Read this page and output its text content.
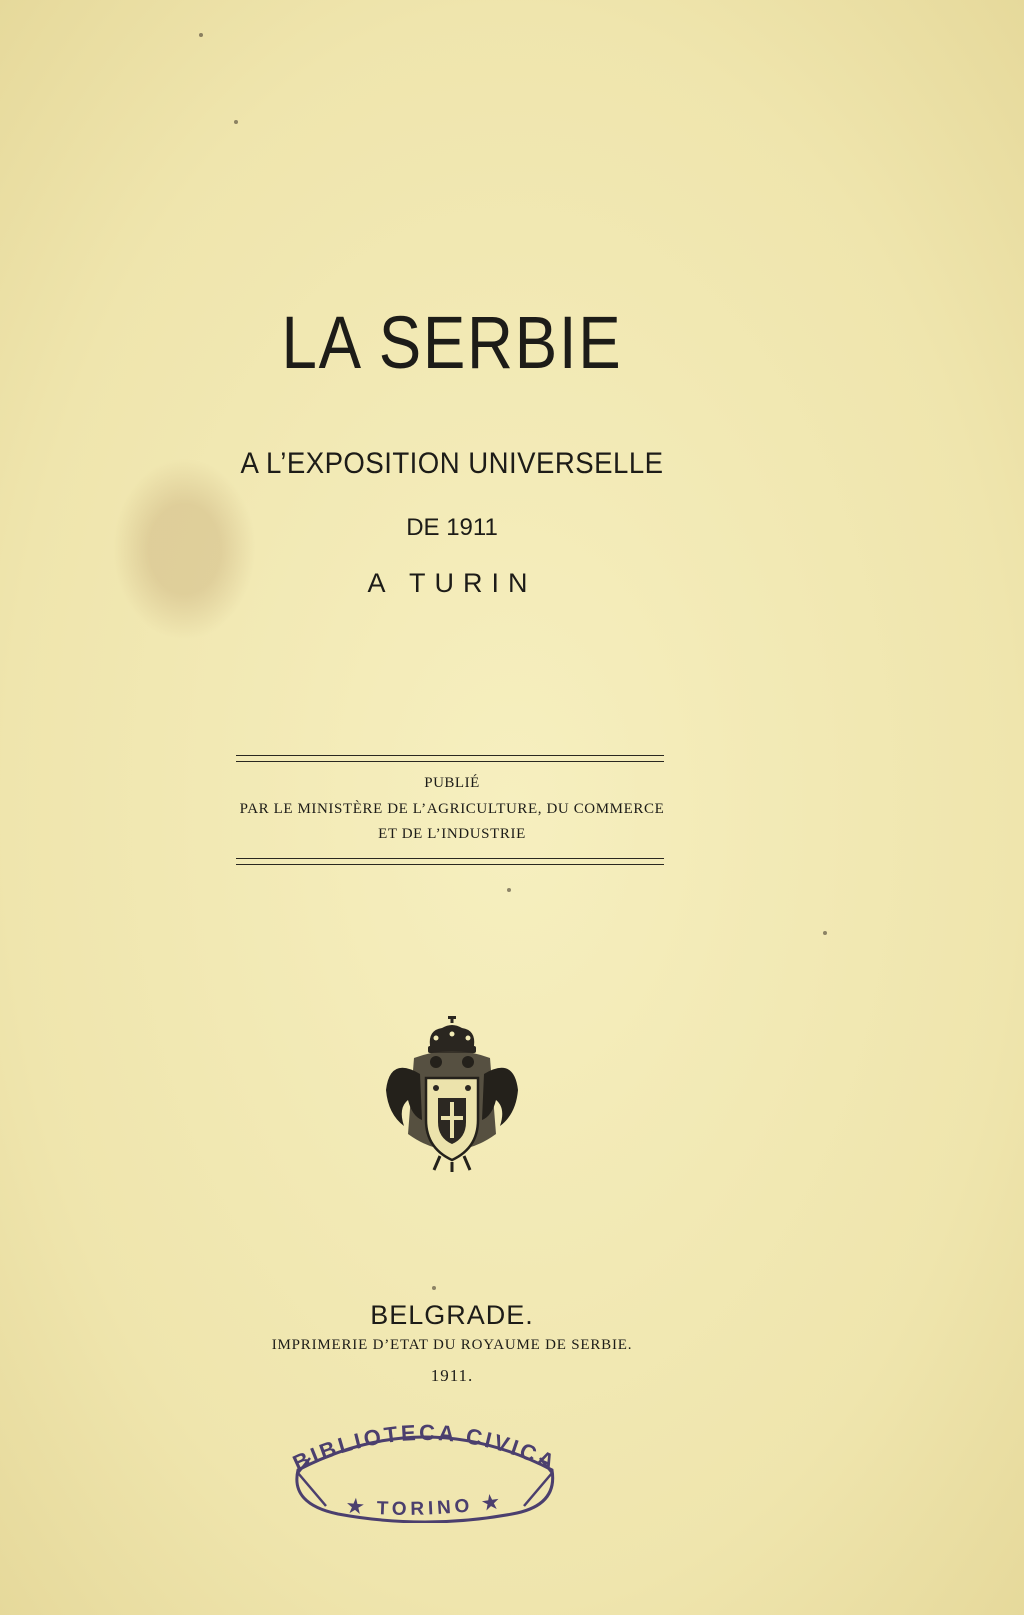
LA SERBIE
A L’EXPOSITION UNIVERSELLE
DE 1911
A TURIN
PUBLIÉ
PAR LE MINISTÈRE DE L’AGRICULTURE, DU COMMERCE
ET DE L’INDUSTRIE
BELGRADE.
IMPRIMERIE D’ETAT DU ROYAUME DE SERBIE.
1911.
BIBLIOTECA CIVICA
★ TORINO ★
